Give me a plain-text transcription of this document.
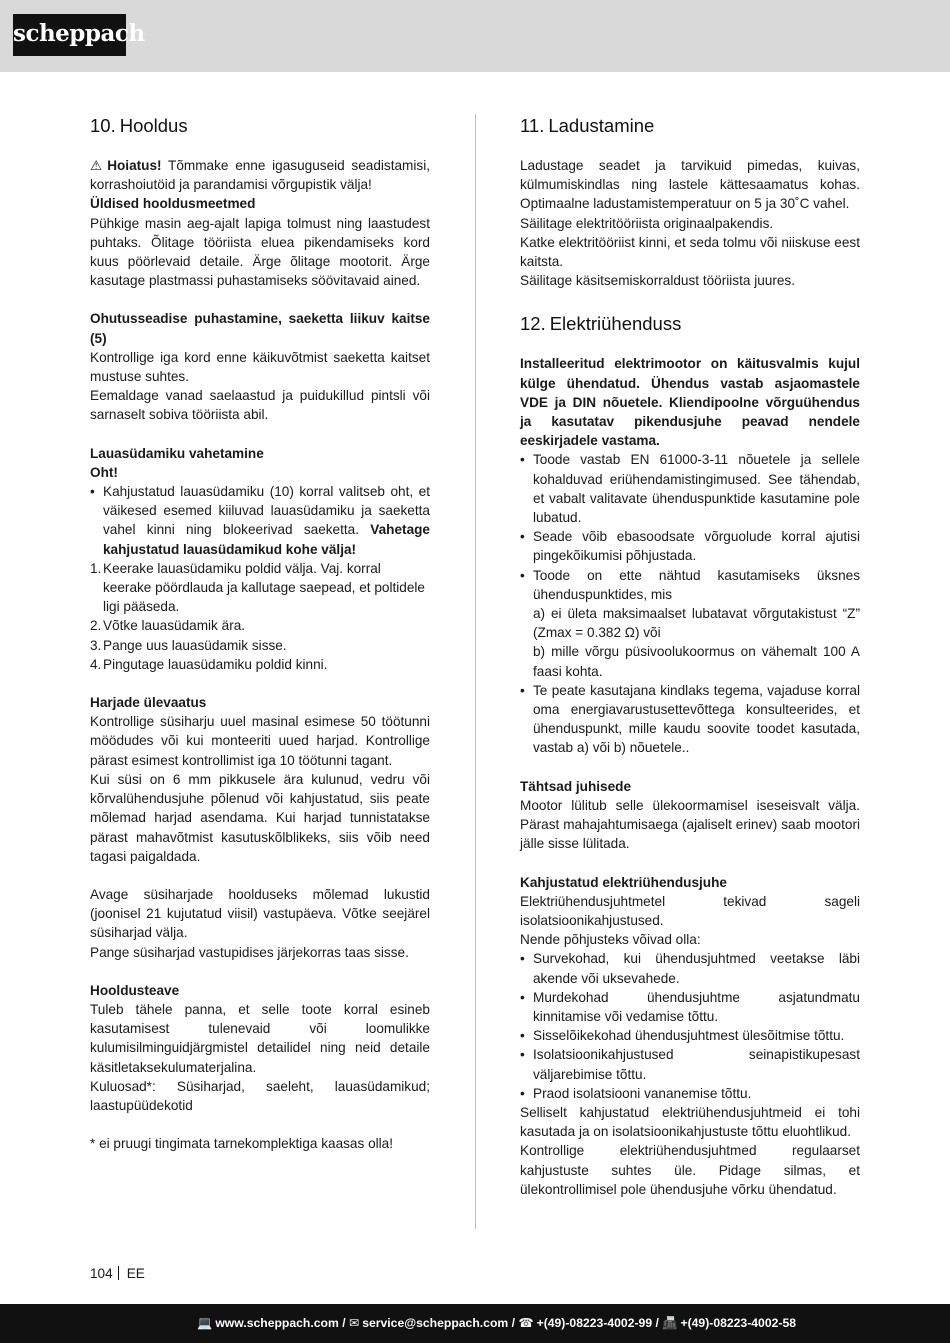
scheppach
10. Hooldus

⚠ Hoiatus! Tõmmake enne igasuguseid seadistamisi, korrashoiutöid ja parandamisi võrgupistik välja!

Üldised hooldusmeetmed

Pühkige masin aeg-ajalt lapiga tolmust ning laastudest puhtaks. Õlitage tööriista eluea pikendamiseks kord kuus pöörlevaid detaile. Ärge õlitage mootorit. Ärge kasutage plastmassi puhastamiseks söövitavaid ained.

Ohutusseadise puhastamine, saeketta liikuv kaitse (5)

Kontrollige iga kord enne käikuvõtmist saeketta kaitset mustuse suhtes.

Eemaldage vanad saelaastud ja puidukillud pintsli või sarnaselt sobiva tööriista abil.

Lauasüdamiku vahetamine

Oht!

• Kahjustatud lauasüdamiku (10) korral valitseb oht, et väikesed esemed kiiluvad lauasüdamiku ja saeketta vahel kinni ning blokeerivad saeketta. Vahetage kahjustatud lauasüdamikud kohe välja!
1. Keerake lauasüdamiku poldid välja. Vaj. korral keerake pöördlauda ja kallutage saepead, et poltidele ligi pääseda.
2. Võtke lauasüdamik ära.
3. Pange uus lauasüdamik sisse.
4. Pingutage lauasüdamiku poldid kinni.

Harjade ülevaatus

Kontrollige süsiharju uuel masinal esimese 50 töötunni möödudes või kui monteeriti uued harjad. Kontrollige pärast esimest kontrollimist iga 10 töötunni tagant.

Kui süsi on 6 mm pikkusele ära kulunud, vedru või kõrvalühendusjuhe põlenud või kahjustatud, siis peate mõlemad harjad asendama. Kui harjad tunnistatakse pärast mahavõtmist kasutuskõlblikeks, siis võib need tagasi paigaldada.

Avage süsiharjade hoolduseks mõlemad lukustid (joonisel 21 kujutatud viisil) vastupäeva. Võtke seejärel süsiharjad välja.

Pange süsiharjad vastupidises järjekorras taas sisse.

Hooldusteave

Tuleb tähele panna, et selle toote korral esineb kasutamisest tulenevaid või loomulikke kulumisilminguidjärgmistel detailidel ning neid detaile käsitletaksekulumaterjalina.

Kuluosad*: Süsiharjad, saeleht, lauasüdamikud; laastupüüdekotid

* ei pruugi tingimata tarnekomplektiga kaasas olla!

11. Ladustamine

Ladustage seadet ja tarvikuid pimedas, kuivas, külmumiskindlas ning lastele kättesaamatus kohas. Optimaalne ladustamistemperatuur on 5 ja 30˚C vahel.

Säilitage elektritööriista originaalpakendis.

Katke elektritööriist kinni, et seda tolmu või niiskuse eest kaitsta.

Säilitage käsitsemiskorraldust tööriista juures.

12. Elektriühenduss

Installeeritud elektrimootor on käitusvalmis kujul külge ühendatud. Ühendus vastab asjaomastele VDE ja DIN nõuetele. Kliendipoolne võrguühendus ja kasutatav pikendusjuhe peavad nendele eeskirjadele vastama.

• Toode vastab EN 61000-3-11 nõuetele ja sellele kohalduvad eriühendamistingimused. See tähendab, et vabalt valitavate ühenduspunktide kasutamine pole lubatud.
• Seade võib ebasoodsate võrguolude korral ajutisi pingekõikumisi põhjustada.
• Toode on ette nähtud kasutamiseks üksnes ühenduspunktides, mis
a) ei ületa maksimaalset lubatavat võrgutakistust “Z” (Zmax = 0.382 Ω) või
b) mille võrgu püsivoolukoormus on vähemalt 100 A faasi kohta.
• Te peate kasutajana kindlaks tegema, vajaduse korral oma energiavarustusettevõttega konsulteerides, et ühenduspunkt, mille kaudu soovite toodet kasutada, vastab a) või b) nõuetele..

Tähtsad juhisede

Mootor lülitub selle ülekoormamisel iseseisvalt välja. Pärast mahajahtumisaega (ajaliselt erinev) saab mootori jälle sisse lülitada.

Kahjustatud elektriühendusjuhe

Elektriühendusjuhtmetel tekivad sageli isolatsioonikahjustused.

Nende põhjusteks võivad olla:

• Survekohad, kui ühendusjuhtmed veetakse läbi akende või uksevahede.
• Murdekohad ühendusjuhtme asjatundmatu kinnitamise või vedamise tõttu.
• Sisselõikekohad ühendusjuhtmest ülesõitmise tõttu.
• Isolatsioonikahjustused seinapistikupesast väljarebimise tõttu.
• Praod isolatsiooni vananemise tõttu.

Selliselt kahjustatud elektriühendusjuhtmeid ei tohi kasutada ja on isolatsioonikahjustuste tõttu eluohtlikud.

Kontrollige elektriühendusjuhtmed regulaarset kahjustuste suhtes üle. Pidage silmas, et ülekontrollimisel pole ühendusjuhe võrku ühendatud.

104 EE
💻 www.scheppach.com / ✉ service@scheppach.com / ☎ +(49)-08223-4002-99 / 📠 +(49)-08223-4002-58
